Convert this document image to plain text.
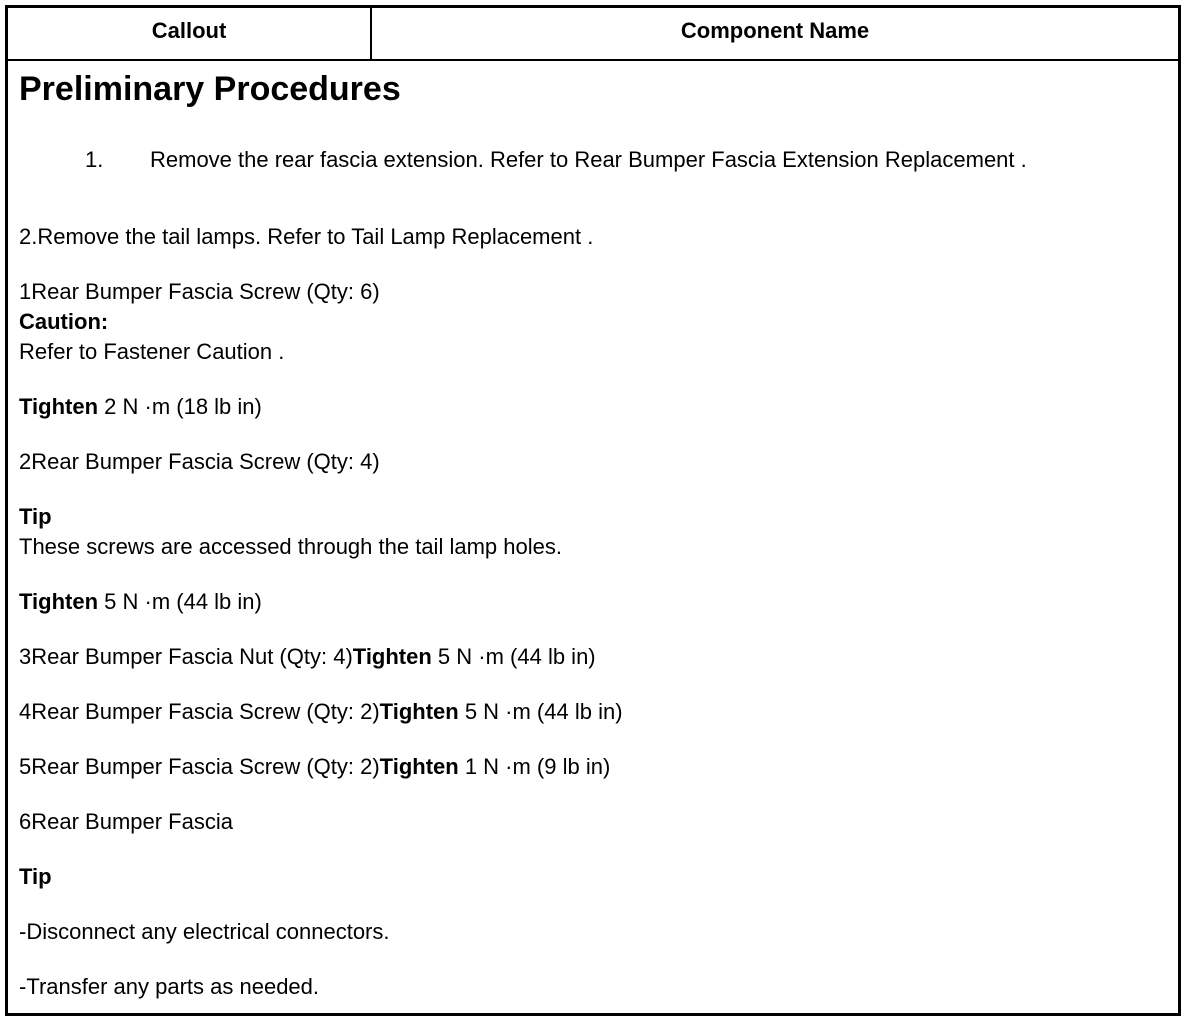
Callout	Component Name
Preliminary Procedures
1. Remove the rear fascia extension. Refer to Rear Bumper Fascia Extension Replacement .
2.Remove the tail lamps. Refer to Tail Lamp Replacement .
1Rear Bumper Fascia Screw (Qty: 6)
Caution:
Refer to Fastener Caution .
Tighten 2 N ·m (18 lb in)
2Rear Bumper Fascia Screw (Qty: 4)
Tip
These screws are accessed through the tail lamp holes.
Tighten 5 N ·m (44 lb in)
3Rear Bumper Fascia Nut (Qty: 4)Tighten 5 N ·m (44 lb in)
4Rear Bumper Fascia Screw (Qty: 2)Tighten 5 N ·m (44 lb in)
5Rear Bumper Fascia Screw (Qty: 2)Tighten 1 N ·m (9 lb in)
6Rear Bumper Fascia
Tip
-Disconnect any electrical connectors.
-Transfer any parts as needed.
